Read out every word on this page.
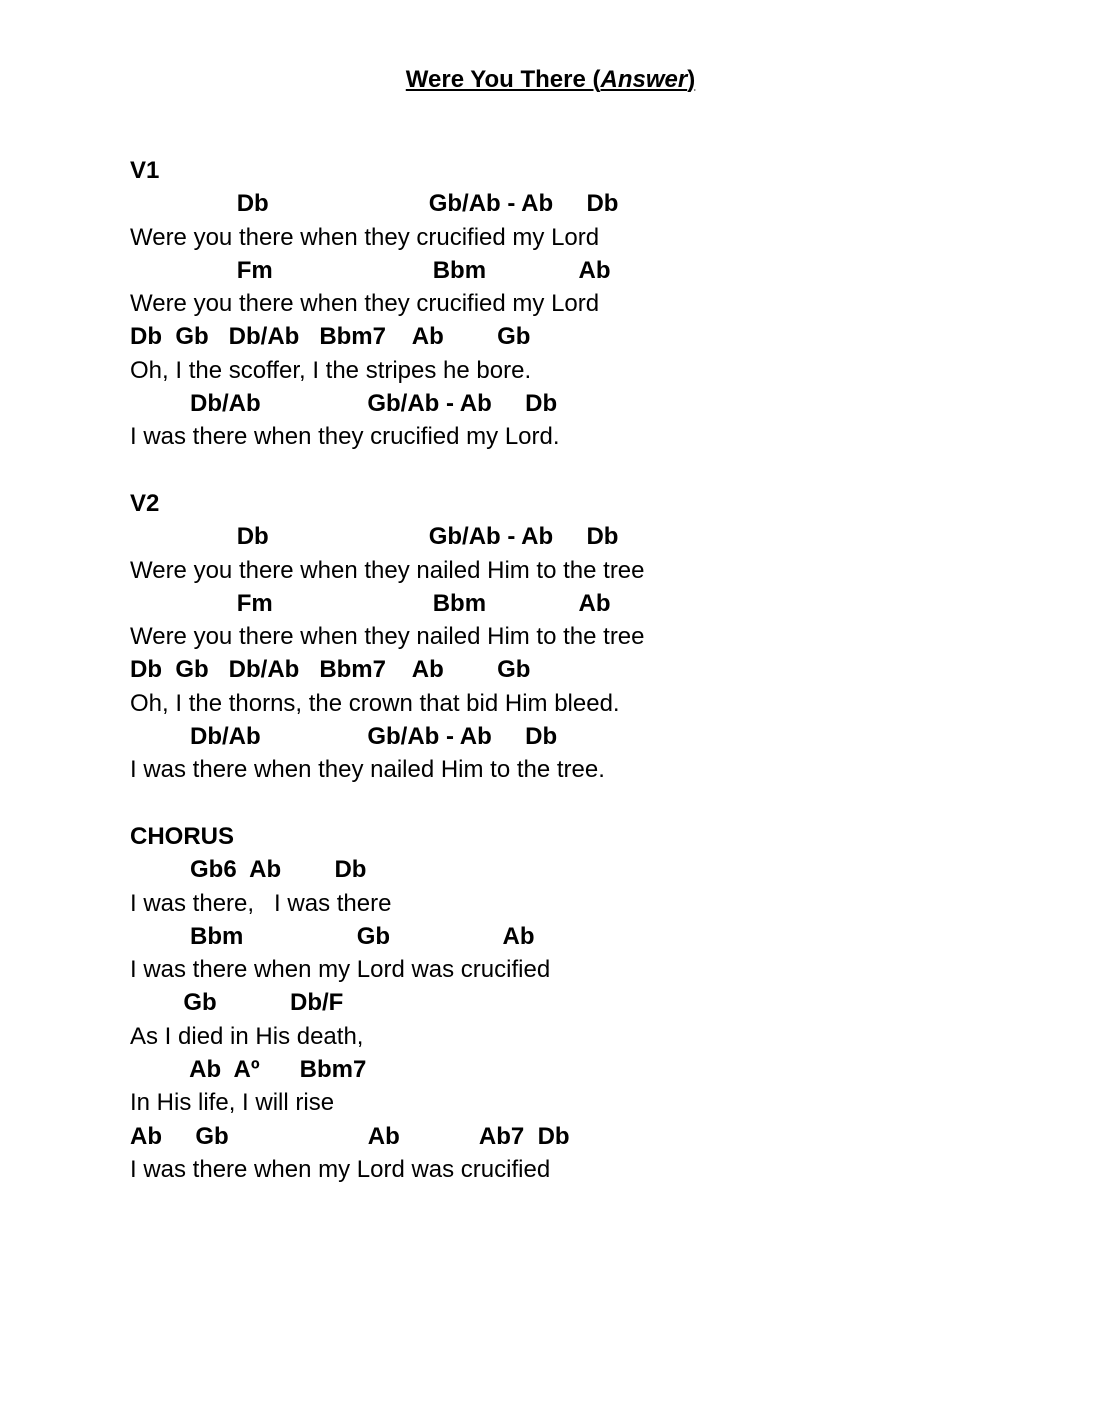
Were You There (Answer)
V1
Db                        Gb/Ab - Ab     Db
Were you there when they crucified my Lord
Fm                        Bbm              Ab
Were you there when they crucified my Lord
Db  Gb   Db/Ab   Bbm7    Ab        Gb
Oh, I the scoffer, I the stripes he bore.
Db/Ab                Gb/Ab - Ab     Db
I was there when they crucified my Lord.
V2
Db                        Gb/Ab - Ab     Db
Were you there when they nailed Him to the tree
Fm                        Bbm              Ab
Were you there when they nailed Him to the tree
Db  Gb   Db/Ab   Bbm7    Ab        Gb
Oh, I the thorns, the crown that bid Him bleed.
Db/Ab                Gb/Ab - Ab     Db
I was there when they nailed Him to the tree.
CHORUS
Gb6  Ab        Db
I was there,   I was there
Bbm                 Gb                 Ab
I was there when my Lord was crucified
Gb           Db/F
As I died in His death,
Ab  Aº      Bbm7
In His life, I will rise
Ab     Gb                     Ab            Ab7  Db
I was there when my Lord was crucified
